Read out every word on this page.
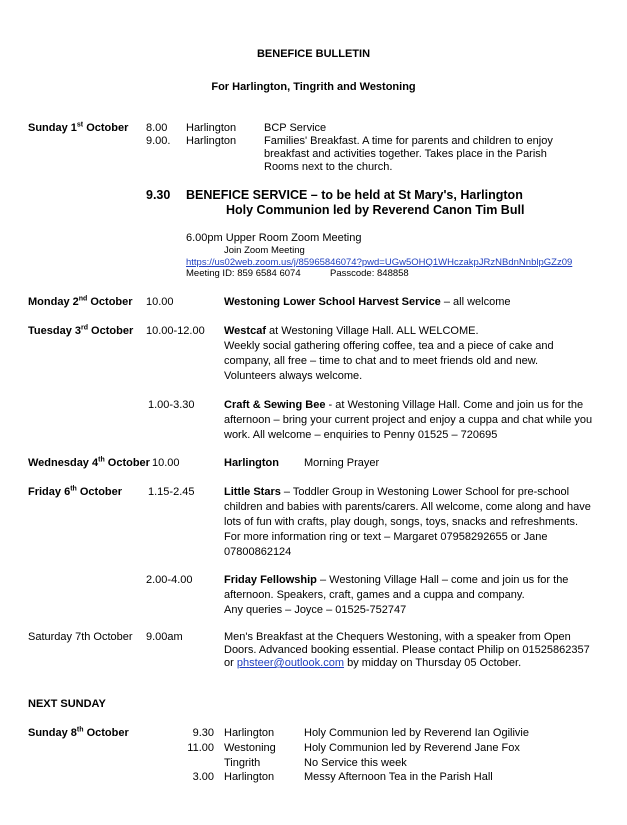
BENEFICE BULLETIN
For Harlington, Tingrith and Westoning
Sunday 1st October 8.00 Harlington	BCP Service
9.00. Harlington	Families' Breakfast. A time for parents and children to enjoy
breakfast and activities together. Takes place in the Parish
Rooms next to the church.
9.30 BENEFICE SERVICE – to be held at St Mary's, Harlington
Holy Communion led by Reverend Canon Tim Bull
6.00pm Upper Room Zoom Meeting
Join Zoom Meeting
https://us02web.zoom.us/j/85965846074?pwd=UGw5OHQ1WHczakpJRzNBdnNnblpGZz09
Meeting ID: 859 6584 6074	Passcode: 848858
Monday 2nd October 10.00	Westoning Lower School Harvest Service – all welcome
Tuesday 3rd October 10.00-12.00 Westcaf at Westoning Village Hall. ALL WELCOME.
Weekly social gathering offering coffee, tea and a piece of cake and
company, all free – time to chat and to meet friends old and new.
Volunteers always welcome.
1.00-3.30	Craft & Sewing Bee - at Westoning Village Hall. Come and join us for the
afternoon – bring your current project and enjoy a cuppa and chat while you
work. All welcome – enquiries to Penny 01525 – 720695
Wednesday 4th October 10.00	Harlington Morning Prayer
Friday 6th October 1.15-2.45	Little Stars – Toddler Group in Westoning Lower School for pre-school
children and babies with parents/carers. All welcome, come along and have
lots of fun with crafts, play dough, songs, toys, snacks and refreshments.
For more information ring or text – Margaret 07958292655 or Jane
07800862124
2.00-4.00	Friday Fellowship – Westoning Village Hall – come and join us for the
afternoon. Speakers, craft, games and a cuppa and company.
Any queries – Joyce – 01525-752747
Saturday 7th October 9.00am	Men's Breakfast at the Chequers Westoning, with a speaker from Open
Doors. Advanced booking essential. Please contact Philip on 01525862357
or phsteer@outlook.com by midday on Thursday 05 October.
NEXT SUNDAY
Sunday 8th October	9.30 Harlington	Holy Communion led by Reverend Ian Ogilivie
11.00 Westoning	Holy Communion led by Reverend Jane Fox
Tingrith	No Service this week
3.00 Harlington	Messy Afternoon Tea in the Parish Hall
